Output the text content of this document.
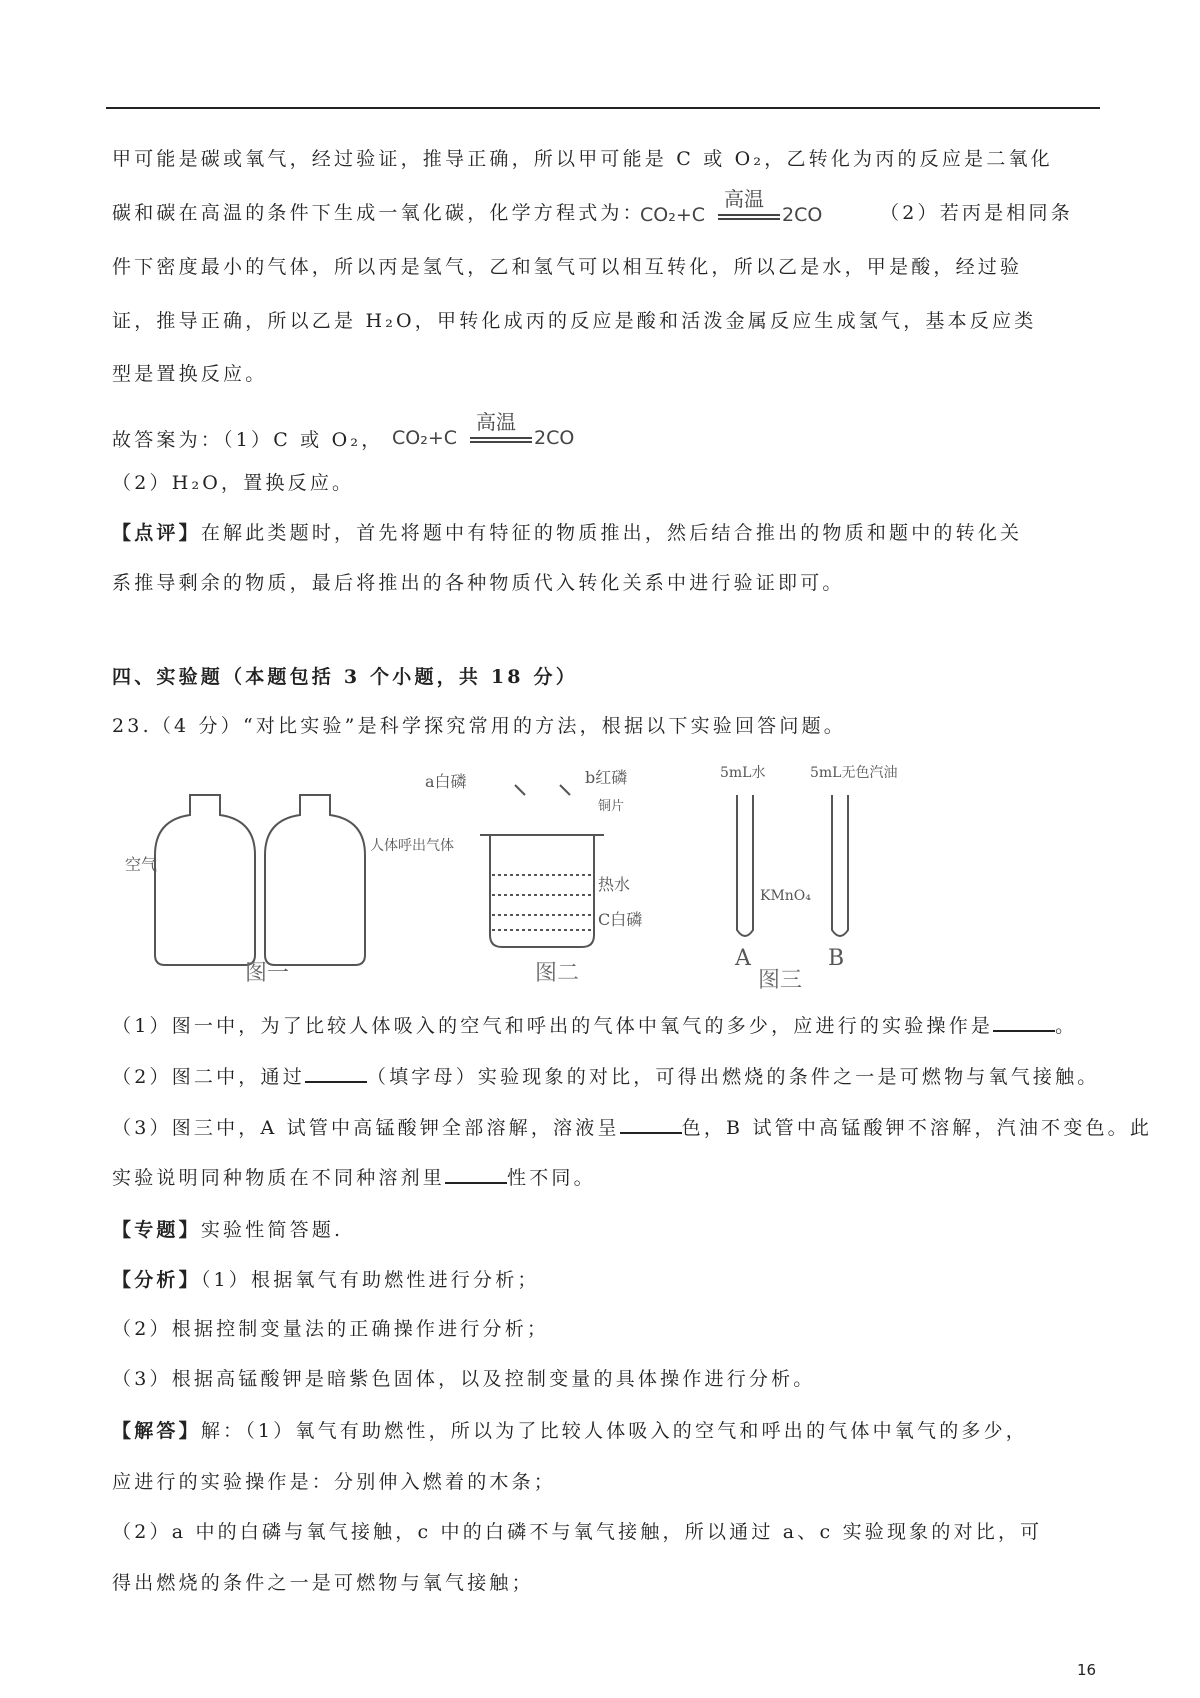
甲可能是碳或氧气，经过验证，推导正确，所以甲可能是 C 或 O₂，乙转化为丙的反应是二氧化
碳和碳在高温的条件下生成一氧化碳，化学方程式为：
CO₂+C
高温
2CO	（2）若丙是相同条
件下密度最小的气体，所以丙是氢气，乙和氢气可以相互转化，所以乙是水，甲是酸，经过验
证，推导正确，所以乙是 H₂O，甲转化成丙的反应是酸和活泼金属反应生成氢气，基本反应类
型是置换反应。
故答案为：（1）C 或 O₂， CO₂+C
高温
2CO
（2）H₂O，置换反应。
【点评】在解此类题时，首先将题中有特征的物质推出，然后结合推出的物质和题中的转化关
系推导剩余的物质，最后将推出的各种物质代入转化关系中进行验证即可。
四、实验题（本题包括 3 个小题，共 18 分）
23.（4 分）“对比实验”是科学探究常用的方法，根据以下实验回答问题。
空气
人体呼出气体
图一
a白磷	b红磷
铜片
热水
C白磷
图二
5mL水	5mL无色汽油
KMnO₄
A	B
图三
（1）图一中，为了比较人体吸入的空气和呼出的气体中氧气的多少，应进行的实验操作是	。
（2）图二中，通过	（填字母）实验现象的对比，可得出燃烧的条件之一是可燃物与氧气接触。
（3）图三中，A 试管中高锰酸钾全部溶解，溶液呈	色，B 试管中高锰酸钾不溶解，汽油不变色。此
实验说明同种物质在不同种溶剂里	性不同。
【专题】实验性简答题.
【分析】（1）根据氧气有助燃性进行分析；
（2）根据控制变量法的正确操作进行分析；
（3）根据高锰酸钾是暗紫色固体，以及控制变量的具体操作进行分析。
【解答】解：（1）氧气有助燃性，所以为了比较人体吸入的空气和呼出的气体中氧气的多少，
应进行的实验操作是：分别伸入燃着的木条；
（2）a 中的白磷与氧气接触，c 中的白磷不与氧气接触，所以通过 a、c 实验现象的对比，可
得出燃烧的条件之一是可燃物与氧气接触；
16
